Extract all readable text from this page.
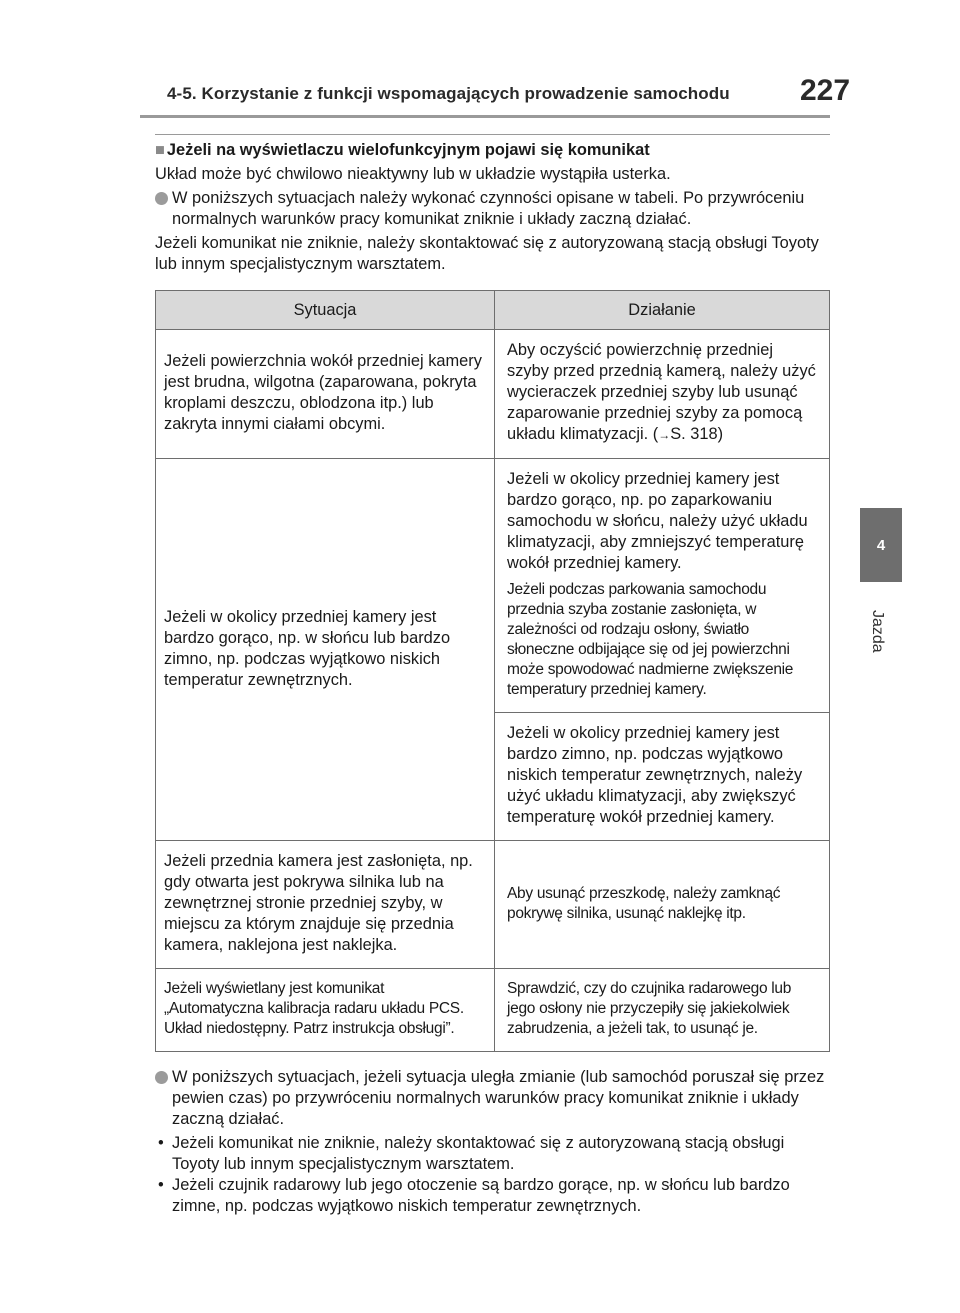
4-5. Korzystanie z funkcji wspomagających prowadzenie samochodu 227
4
Jazda

■ Jeżeli na wyświetlaczu wielofunkcyjnym pojawi się komunikat

Układ może być chwilowo nieaktywny lub w układzie wystąpiła usterka.

W poniższych sytuacjach należy wykonać czynności opisane w tabeli. Po przywróceniu normalnych warunków pracy komunikat zniknie i układy zaczną działać.

Jeżeli komunikat nie zniknie, należy skontaktować się z autoryzowaną stacją obsługi Toyoty lub innym specjalistycznym warsztatem.

Sytuacja	Działanie
Jeżeli powierzchnia wokół przedniej kamery jest brudna, wilgotna (zaparowana, pokryta kroplami deszczu, oblodzona itp.) lub zakryta innymi ciałami obcymi.	Aby oczyścić powierzchnię przedniej szyby przed przednią kamerą, należy użyć wycieraczek przedniej szyby lub usunąć zaparowanie przedniej szyby za pomocą układu klimatyzacji. (→S. 318)

Jeżeli w okolicy przedniej kamery jest bardzo gorąco, np. w słońcu lub bardzo zimno, np. podczas wyjątkowo niskich temperatur zewnętrznych.	Jeżeli w okolicy przedniej kamery jest bardzo gorąco, np. po zaparkowaniu samochodu w słońcu, należy użyć układu klimatyzacji, aby zmniejszyć temperaturę wokół przedniej kamery.
Jeżeli podczas parkowania samochodu przednia szyba zostanie zasłonięta, w zależności od rodzaju osłony, światło słoneczne odbijające się od jej powierzchni może spowodować nadmierne zwiększenie temperatury przedniej kamery.
Jeżeli w okolicy przedniej kamery jest bardzo zimno, np. podczas wyjątkowo niskich temperatur zewnętrznych, należy użyć układu klimatyzacji, aby zwiększyć temperaturę wokół przedniej kamery.

Jeżeli przednia kamera jest zasłonięta, np. gdy otwarta jest pokrywa silnika lub na zewnętrznej stronie przedniej szyby, w miejscu za którym znajduje się przednia kamera, naklejona jest naklejka.	Aby usunąć przeszkodę, należy zamknąć pokrywę silnika, usunąć naklejkę itp.

Jeżeli wyświetlany jest komunikat „Automatyczna kalibracja radaru układu PCS. Układ niedostępny. Patrz instrukcja obsługi”.	Sprawdzić, czy do czujnika radarowego lub jego osłony nie przyczepiły się jakiekolwiek zabrudzenia, a jeżeli tak, to usunąć je.
W poniższych sytuacjach, jeżeli sytuacja uległa zmianie (lub samochód poruszał się przez pewien czas) po przywróceniu normalnych warunków pracy komunikat zniknie i układy zaczną działać.
• Jeżeli komunikat nie zniknie, należy skontaktować się z autoryzowaną stacją obsługi Toyoty lub innym specjalistycznym warsztatem.
• Jeżeli czujnik radarowy lub jego otoczenie są bardzo gorące, np. w słońcu lub bardzo zimne, np. podczas wyjątkowo niskich temperatur zewnętrznych.
